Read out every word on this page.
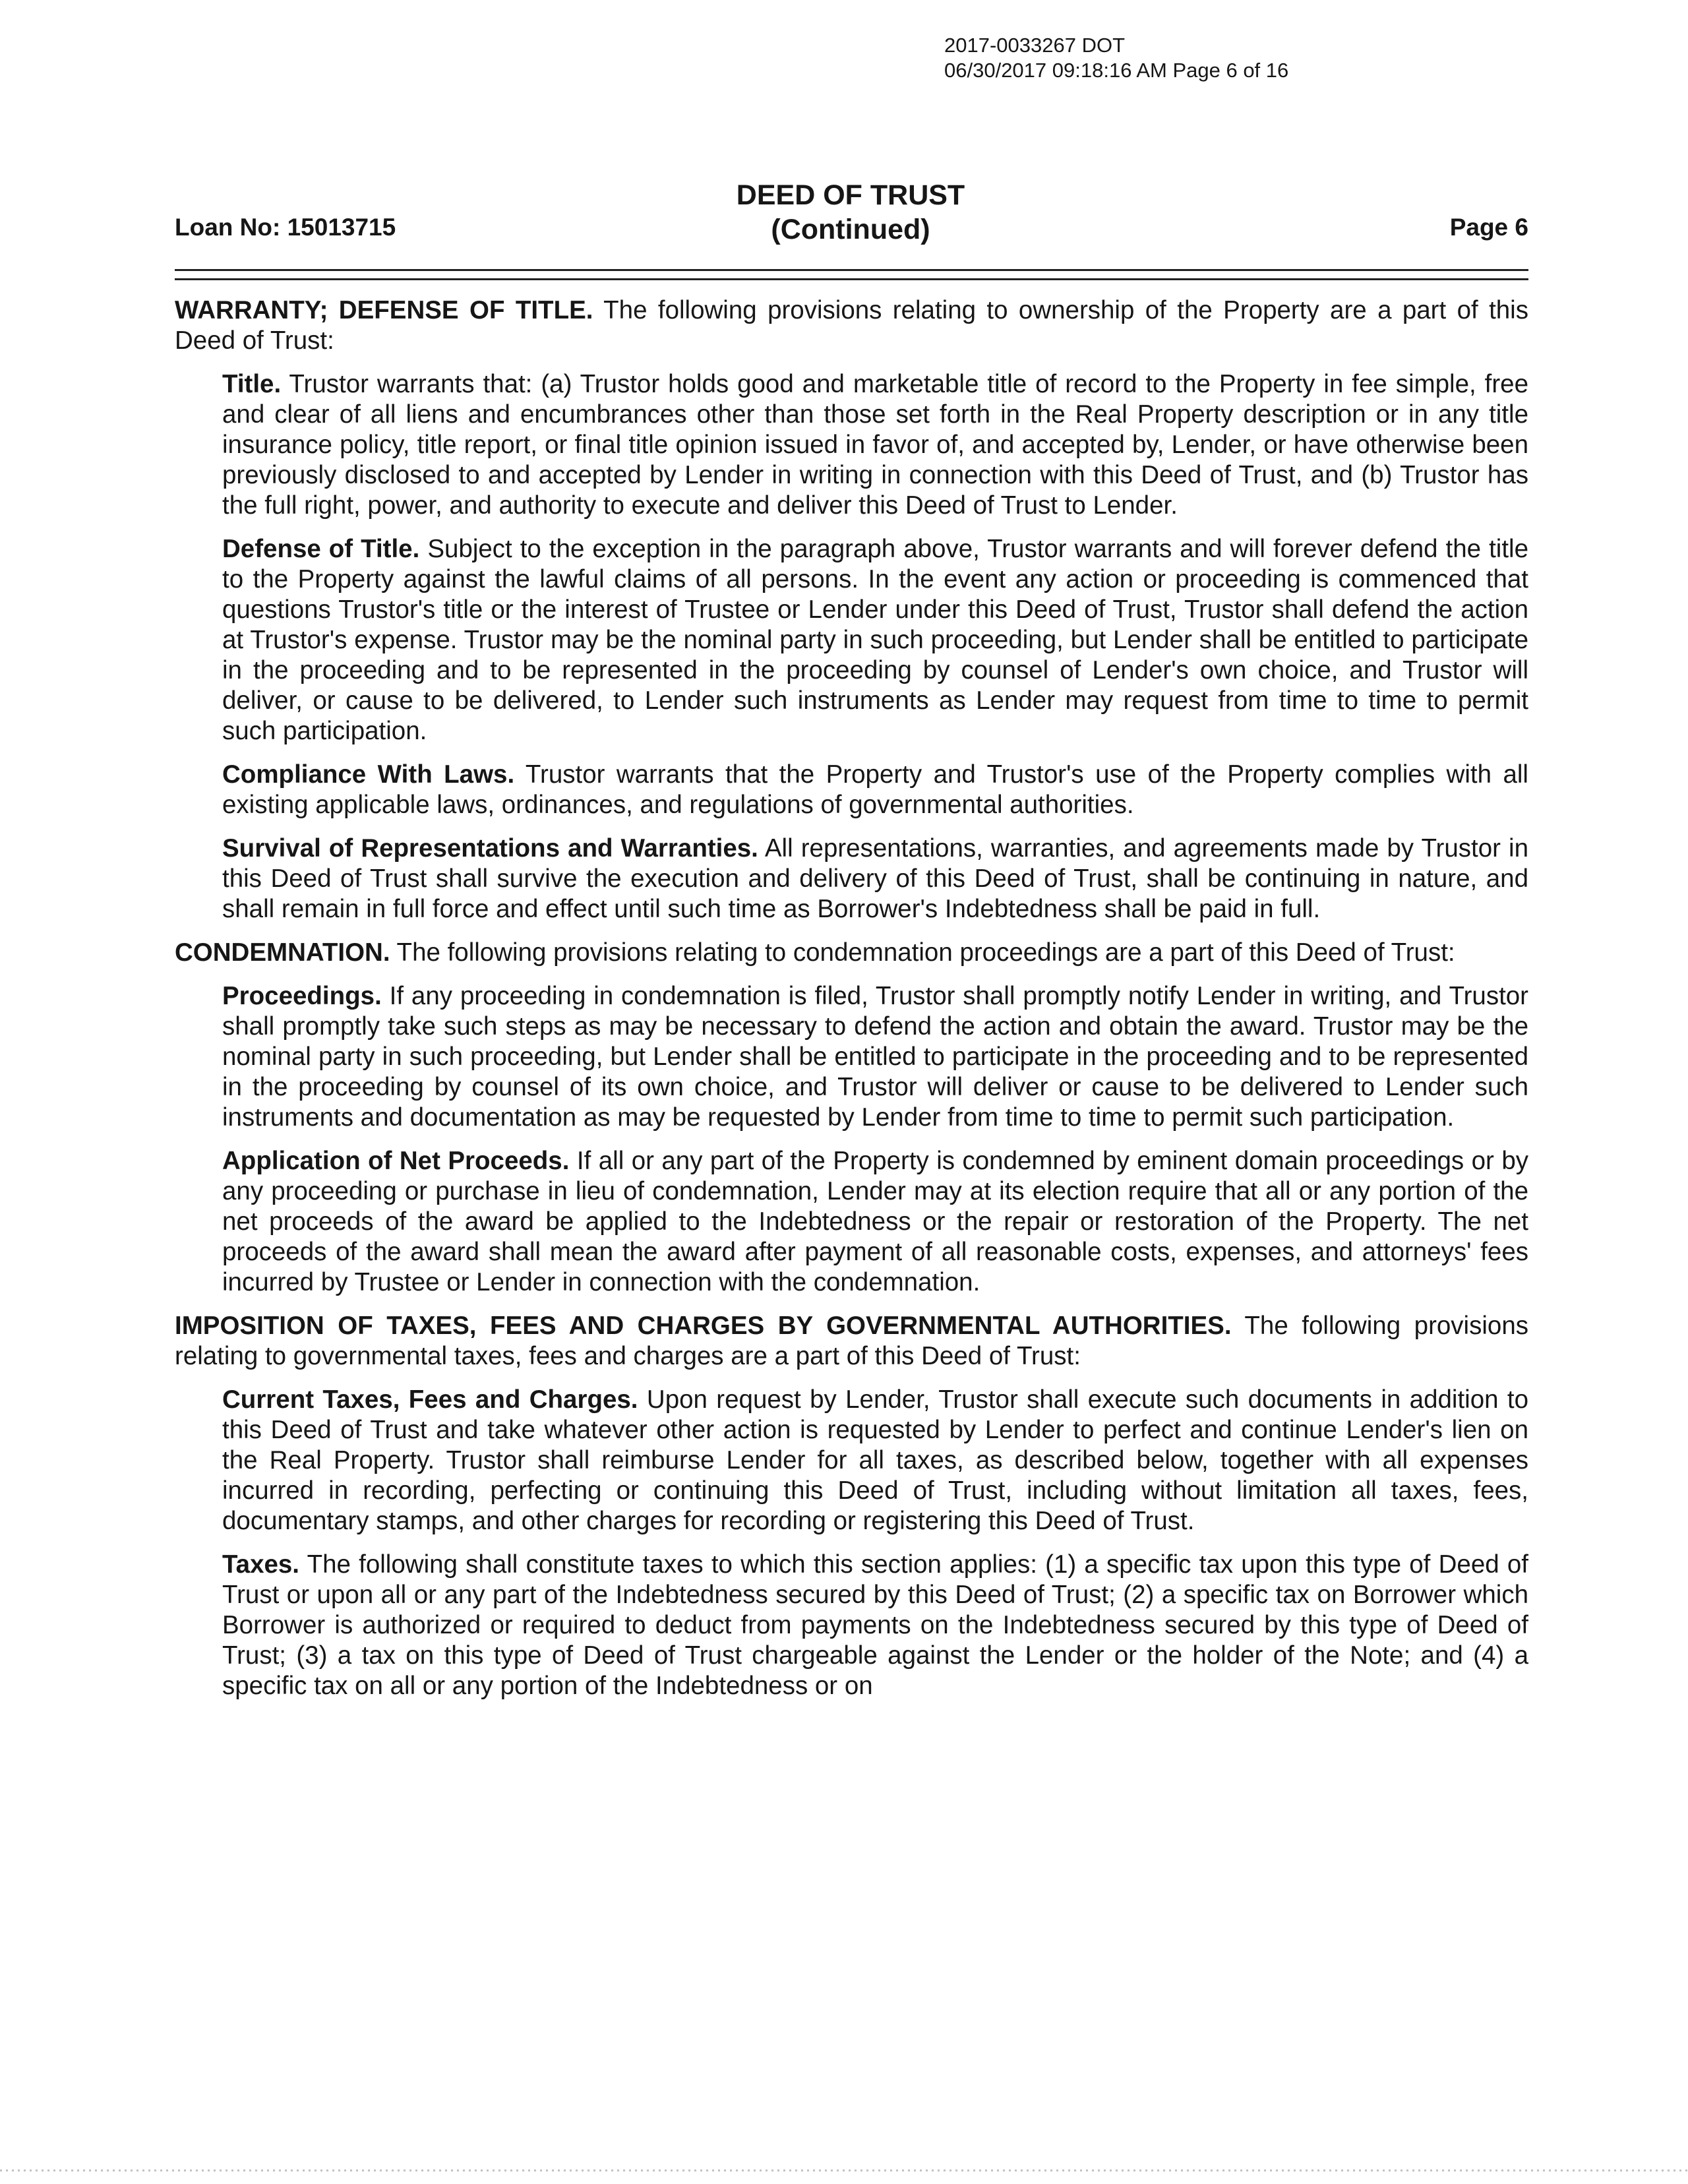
2017-0033267 DOT
06/30/2017 09:18:16 AM Page 6 of 16
Loan No: 15013715
DEED OF TRUST
(Continued)	Page 6

WARRANTY; DEFENSE OF TITLE. The following provisions relating to ownership of the Property are a part of this Deed of Trust:

Title. Trustor warrants that: (a) Trustor holds good and marketable title of record to the Property in fee simple, free and clear of all liens and encumbrances other than those set forth in the Real Property description or in any title insurance policy, title report, or final title opinion issued in favor of, and accepted by, Lender, or have otherwise been previously disclosed to and accepted by Lender in writing in connection with this Deed of Trust, and (b) Trustor has the full right, power, and authority to execute and deliver this Deed of Trust to Lender.

Defense of Title. Subject to the exception in the paragraph above, Trustor warrants and will forever defend the title to the Property against the lawful claims of all persons. In the event any action or proceeding is commenced that questions Trustor's title or the interest of Trustee or Lender under this Deed of Trust, Trustor shall defend the action at Trustor's expense. Trustor may be the nominal party in such proceeding, but Lender shall be entitled to participate in the proceeding and to be represented in the proceeding by counsel of Lender's own choice, and Trustor will deliver, or cause to be delivered, to Lender such instruments as Lender may request from time to time to permit such participation.

Compliance With Laws. Trustor warrants that the Property and Trustor's use of the Property complies with all existing applicable laws, ordinances, and regulations of governmental authorities.

Survival of Representations and Warranties. All representations, warranties, and agreements made by Trustor in this Deed of Trust shall survive the execution and delivery of this Deed of Trust, shall be continuing in nature, and shall remain in full force and effect until such time as Borrower's Indebtedness shall be paid in full.

CONDEMNATION. The following provisions relating to condemnation proceedings are a part of this Deed of Trust:

Proceedings. If any proceeding in condemnation is filed, Trustor shall promptly notify Lender in writing, and Trustor shall promptly take such steps as may be necessary to defend the action and obtain the award. Trustor may be the nominal party in such proceeding, but Lender shall be entitled to participate in the proceeding and to be represented in the proceeding by counsel of its own choice, and Trustor will deliver or cause to be delivered to Lender such instruments and documentation as may be requested by Lender from time to time to permit such participation.

Application of Net Proceeds. If all or any part of the Property is condemned by eminent domain proceedings or by any proceeding or purchase in lieu of condemnation, Lender may at its election require that all or any portion of the net proceeds of the award be applied to the Indebtedness or the repair or restoration of the Property. The net proceeds of the award shall mean the award after payment of all reasonable costs, expenses, and attorneys' fees incurred by Trustee or Lender in connection with the condemnation.

IMPOSITION OF TAXES, FEES AND CHARGES BY GOVERNMENTAL AUTHORITIES. The following provisions relating to governmental taxes, fees and charges are a part of this Deed of Trust:

Current Taxes, Fees and Charges. Upon request by Lender, Trustor shall execute such documents in addition to this Deed of Trust and take whatever other action is requested by Lender to perfect and continue Lender's lien on the Real Property. Trustor shall reimburse Lender for all taxes, as described below, together with all expenses incurred in recording, perfecting or continuing this Deed of Trust, including without limitation all taxes, fees, documentary stamps, and other charges for recording or registering this Deed of Trust.

Taxes. The following shall constitute taxes to which this section applies: (1) a specific tax upon this type of Deed of Trust or upon all or any part of the Indebtedness secured by this Deed of Trust; (2) a specific tax on Borrower which Borrower is authorized or required to deduct from payments on the Indebtedness secured by this type of Deed of Trust; (3) a tax on this type of Deed of Trust chargeable against the Lender or the holder of the Note; and (4) a specific tax on all or any portion of the Indebtedness or on
